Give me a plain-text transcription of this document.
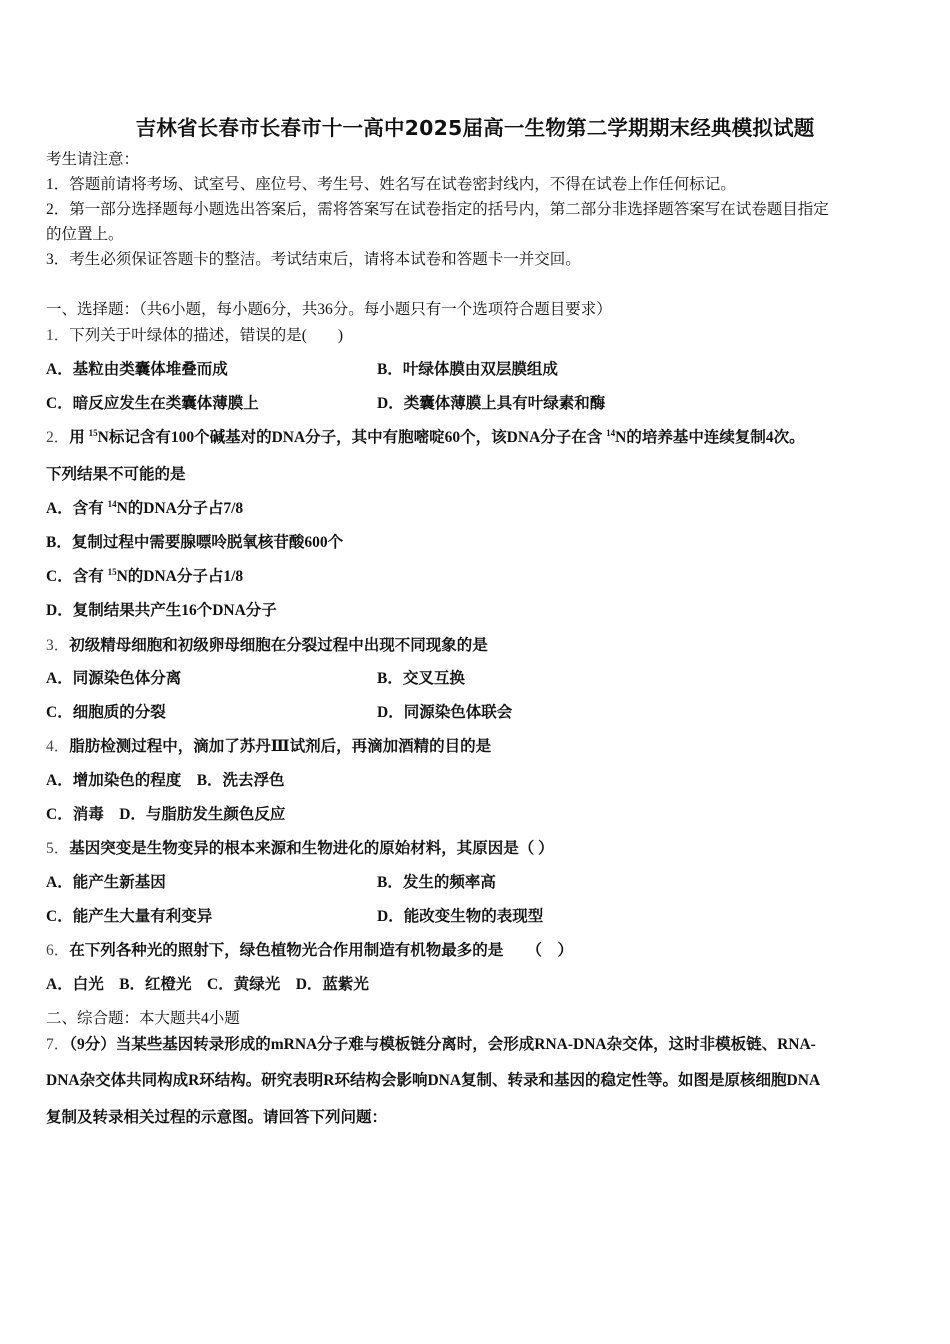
吉林省长春市长春市十一高中2025届高一生物第二学期期末经典模拟试题
考生请注意：
1．答题前请将考场、试室号、座位号、考生号、姓名写在试卷密封线内，不得在试卷上作任何标记。
2．第一部分选择题每小题选出答案后，需将答案写在试卷指定的括号内，第二部分非选择题答案写在试卷题目指定
的位置上。
3．考生必须保证答题卡的整洁。考试结束后，请将本试卷和答题卡一并交回。
一、选择题：（共6小题，每小题6分，共36分。每小题只有一个选项符合题目要求）
1．下列关于叶绿体的描述，错误的是(　　)
A．基粒由类囊体堆叠而成	B．叶绿体膜由双层膜组成
C．暗反应发生在类囊体薄膜上	D．类囊体薄膜上具有叶绿素和酶
2．用 $^{15}$N标记含有100个碱基对的DNA分子，其中有胞嘧啶60个，该DNA分子在含 $^{14}$N的培养基中连续复制4次。
下列结果不可能的是
A．含有 $^{14}$N的DNA分子占7/8
B．复制过程中需要腺嘌呤脱氧核苷酸600个
C．含有 $^{15}$N的DNA分子占1/8
D．复制结果共产生16个DNA分子
3．初级精母细胞和初级卵母细胞在分裂过程中出现不同现象的是
A．同源染色体分离	B．交叉互换
C．细胞质的分裂	D．同源染色体联会
4．脂肪检测过程中，滴加了苏丹Ⅲ试剂后，再滴加酒精的目的是
A．增加染色的程度　B．洗去浮色
C．消毒　D．与脂肪发生颜色反应
5．基因突变是生物变异的根本来源和生物进化的原始材料，其原因是（ ）
A．能产生新基因	B．发生的频率高
C．能产生大量有利变异	D．能改变生物的表现型
6．在下列各种光的照射下，绿色植物光合作用制造有机物最多的是　　（　）
A．白光　B．红橙光　C．黄绿光　D．蓝紫光
二、综合题：本大题共4小题
7．（9分）当某些基因转录形成的mRNA分子难与模板链分离时，会形成RNA-DNA杂交体，这时非模板链、RNA-
DNA杂交体共同构成R环结构。研究表明R环结构会影响DNA复制、转录和基因的稳定性等。如图是原核细胞DNA
复制及转录相关过程的示意图。请回答下列问题：
